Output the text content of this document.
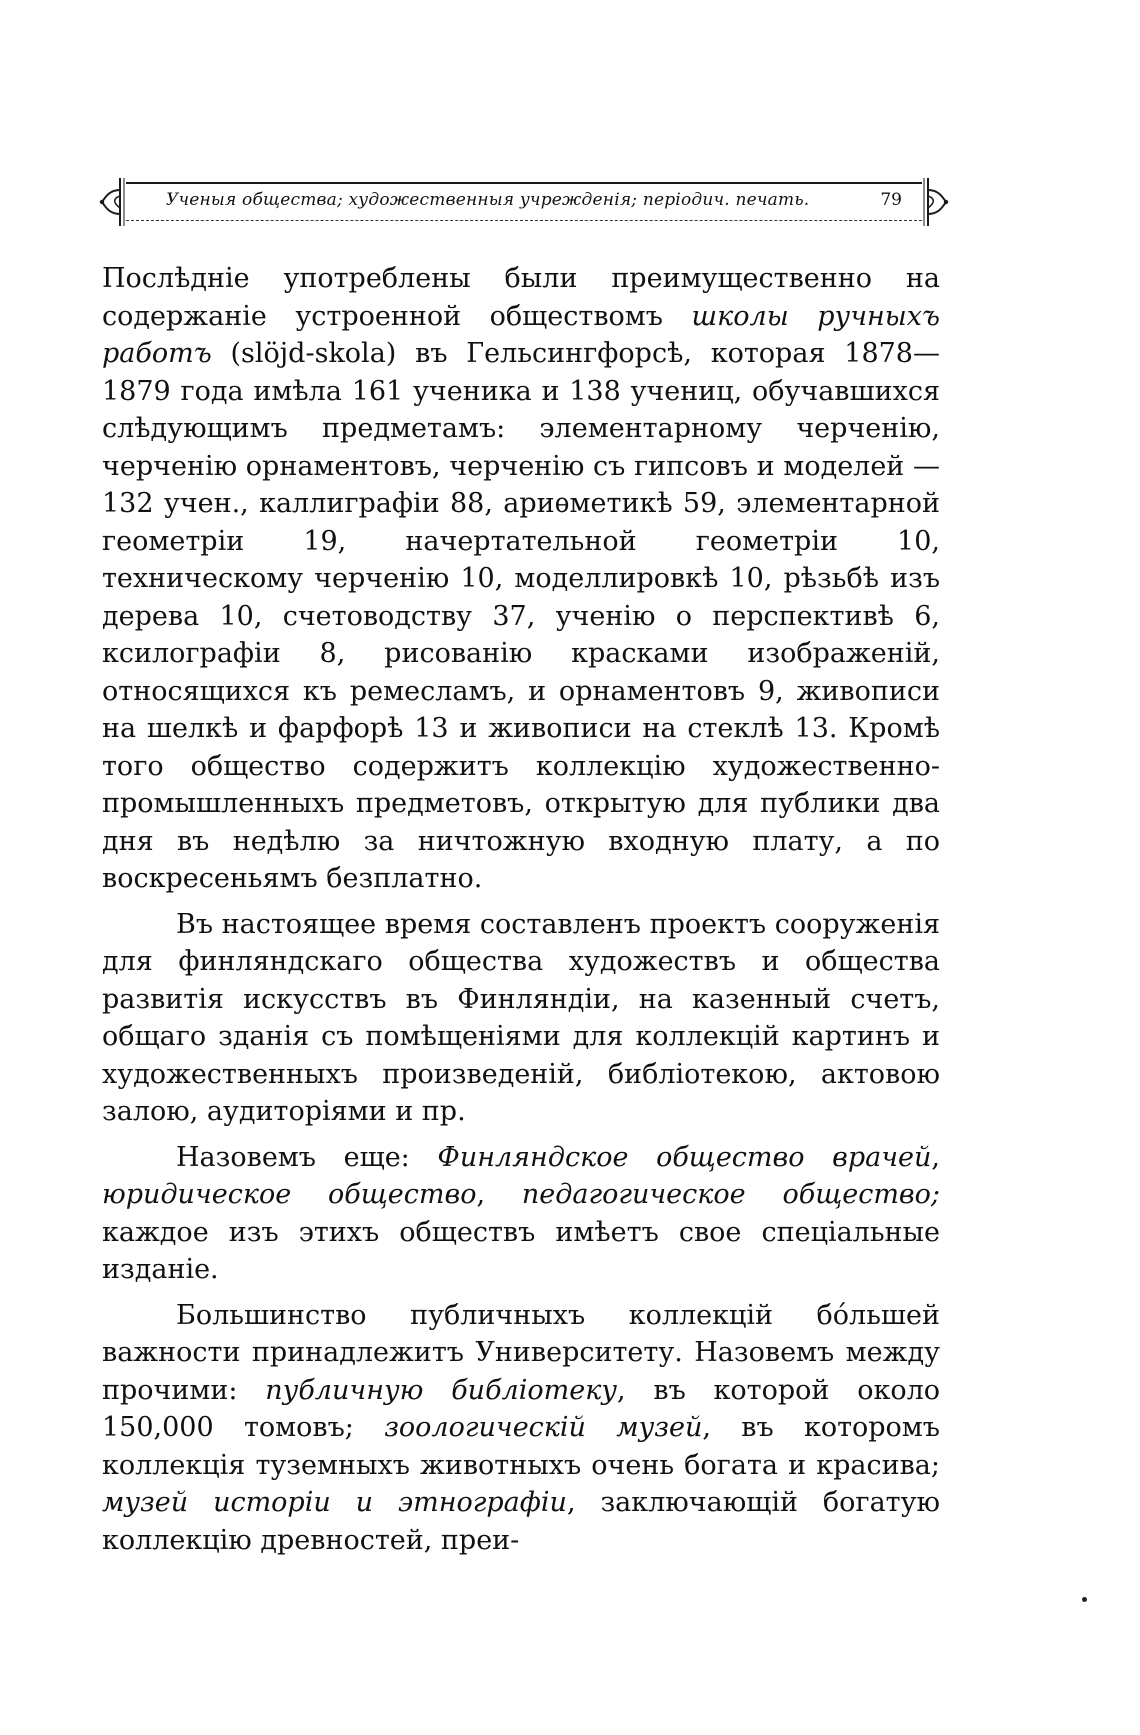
Ученыя общества; художественныя учрежденія; періодич. печать.	79

Послѣдніе употреблены были преимущественно на содержаніе устроенной обществомъ школы ручныхъ работъ (slöjd-skola) въ Гельсингфорсѣ, которая 1878—1879 года имѣла 161 ученика и 138 учениц, обучавшихся слѣдующимъ предметамъ: элементарному черченію, черченію орнаментовъ, черченію съ гипсовъ и моделей — 132 учен., каллиграфіи 88, ариѳметикѣ 59, элементарной геометріи 19, начертательной геометріи 10, техническому черченію 10, моделлировкѣ 10, рѣзьбѣ изъ дерева 10, счетоводству 37, ученію о перспективѣ 6, ксилографіи 8, рисованію красками изображеній, относящихся къ ремесламъ, и орнаментовъ 9, живописи на шелкѣ и фарфорѣ 13 и живописи на стеклѣ 13. Кромѣ того общество содержитъ коллекцію художественно-промышленныхъ предметовъ, открытую для публики два дня въ недѣлю за ничтожную входную плату, а по воскресеньямъ безплатно.

Въ настоящее время составленъ проектъ сооруженія для финляндскаго общества художествъ и общества развитія искусствъ въ Финляндіи, на казенный счетъ, общаго зданія съ помѣщеніями для коллекцій картинъ и художественныхъ произведеній, библіотекою, актовою залою, аудиторіями и пр.

Назовемъ еще: Финляндское общество врачей, юридическое общество, педагогическое общество; каждое изъ этихъ обществъ имѣетъ свое спеціальные изданіе.

Большинство публичныхъ коллекцій бóльшей важности принадлежитъ Университету. Назовемъ между прочими: публичную библіотеку, въ которой около 150,000 томовъ; зоологическій музей, въ которомъ коллекція туземныхъ животныхъ очень богата и красива; музей исторіи и этнографіи, заключающій богатую коллекцію древностей, преи-
